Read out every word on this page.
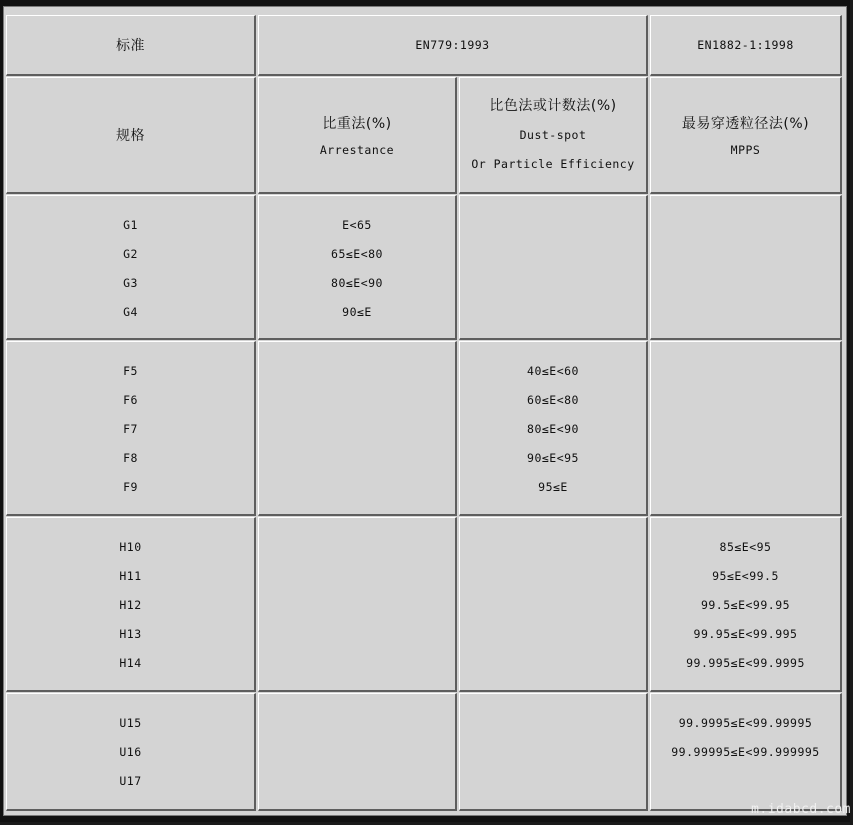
标准	EN779:1993	EN1882-1:1998
规格
比重法(%)
Arrestance
比色法或计数法(%)
Dust-spot
Or Particle Efficiency
最易穿透粒径法(%)
MPPS
G1
G2
G3
G4
E<65
65≤E<80
80≤E<90
90≤E
F5
F6
F7
F8
F9
40≤E<60
60≤E<80
80≤E<90
90≤E<95
95≤E
H10
H11
H12
H13
H14
85≤E<95
95≤E<99.5
99.5≤E<99.95
99.95≤E<99.995
99.995≤E<99.9995
U15
U16
U17
99.9995≤E<99.99995
99.99995≤E<99.999995
m.idabcd.com
